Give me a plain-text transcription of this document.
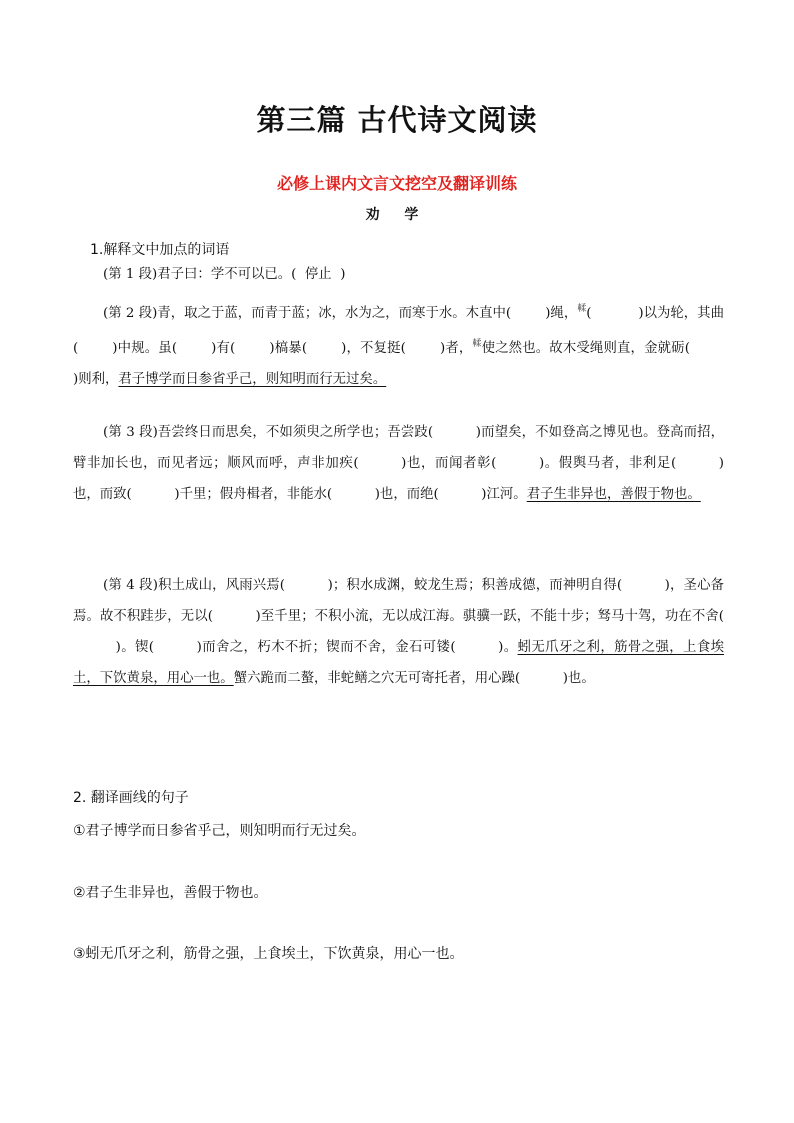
第三篇 古代诗文阅读
必修上课内文言文挖空及翻译训练
劝 学
1.解释文中加点的词语
(第 1 段)君子曰：学不可以已。( 停止 )
(第 2 段)青，取之于蓝，而青于蓝；冰，水为之，而寒于水。木直中(	)绳，$^輮$(	)以为轮，其曲(	)中规。虽(	)有(	)槁暴(	)，不复挺(	)者，$^輮$使之然也。故木受绳则直，金就砺(        )则利，君子博学而日参省乎己，则知明而行无过矣。
(第 3 段)吾尝终日而思矣，不如须臾之所学也；吾尝跂(	)而望矣，不如登高之博见也。登高而招，臂非加长也，而见者远；顺风而呼，声非加疾(	)也，而闻者彰(	)。假舆马者，非利足(	)也，而致(	)千里；假舟楫者，非能水(	)也，而绝(	)江河。君子生非异也，善假于物也。
(第 4 段)积土成山，风雨兴焉(	)；积水成渊，蛟龙生焉；积善成德，而神明自得(	)，圣心备焉。故不积跬步，无以(	)至千里；不积小流，无以成江海。骐骥一跃，不能十步；驽马十驾，功在不舍(          )。锲(	)而舍之，朽木不折；锲而不舍，金石可镂(	)。蚓无爪牙之利，筋骨之强，上食埃土，下饮黄泉，用心一也。蟹六跪而二螯，非蛇鳝之穴无可寄托者，用心躁(	)也。
2. 翻译画线的句子
①君子博学而日参省乎己，则知明而行无过矣。
②君子生非异也，善假于物也。
③蚓无爪牙之利，筋骨之强，上食埃土，下饮黄泉，用心一也。
